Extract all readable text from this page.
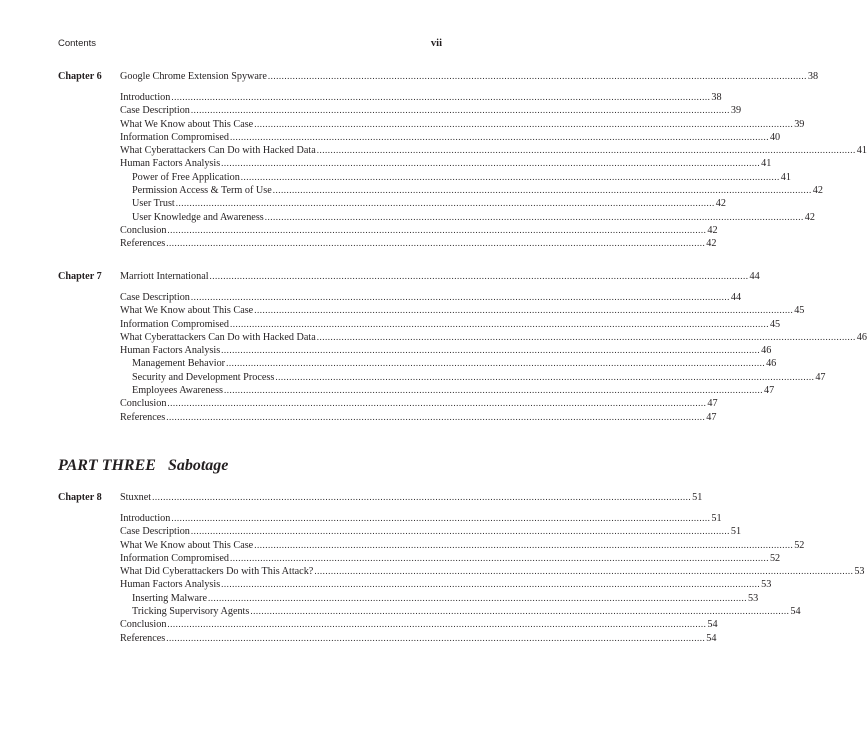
Contents	vii
Chapter 6	Google Chrome Extension Spyware .....	38
Introduction .....	38
Case Description .....	39
What We Know about This Case .....	39
Information Compromised .....	40
What Cyberattackers Can Do with Hacked Data .....	41
Human Factors Analysis .....	41
Power of Free Application .....	41
Permission Access & Term of Use .....	42
User Trust .....	42
User Knowledge and Awareness .....	42
Conclusion .....	42
References .....	42
Chapter 7	Marriott International .....	44
Case Description .....	44
What We Know about This Case .....	45
Information Compromised .....	45
What Cyberattackers Can Do with Hacked Data .....	46
Human Factors Analysis .....	46
Management Behavior .....	46
Security and Development Process .....	47
Employees Awareness .....	47
Conclusion .....	47
References .....	47
PART THREE Sabotage
Chapter 8	Stuxnet .....	51
Introduction .....	51
Case Description .....	51
What We Know about This Case .....	52
Information Compromised .....	52
What Did Cyberattackers Do with This Attack? .....	53
Human Factors Analysis .....	53
Inserting Malware .....	53
Tricking Supervisory Agents .....	54
Conclusion .....	54
References .....	54
